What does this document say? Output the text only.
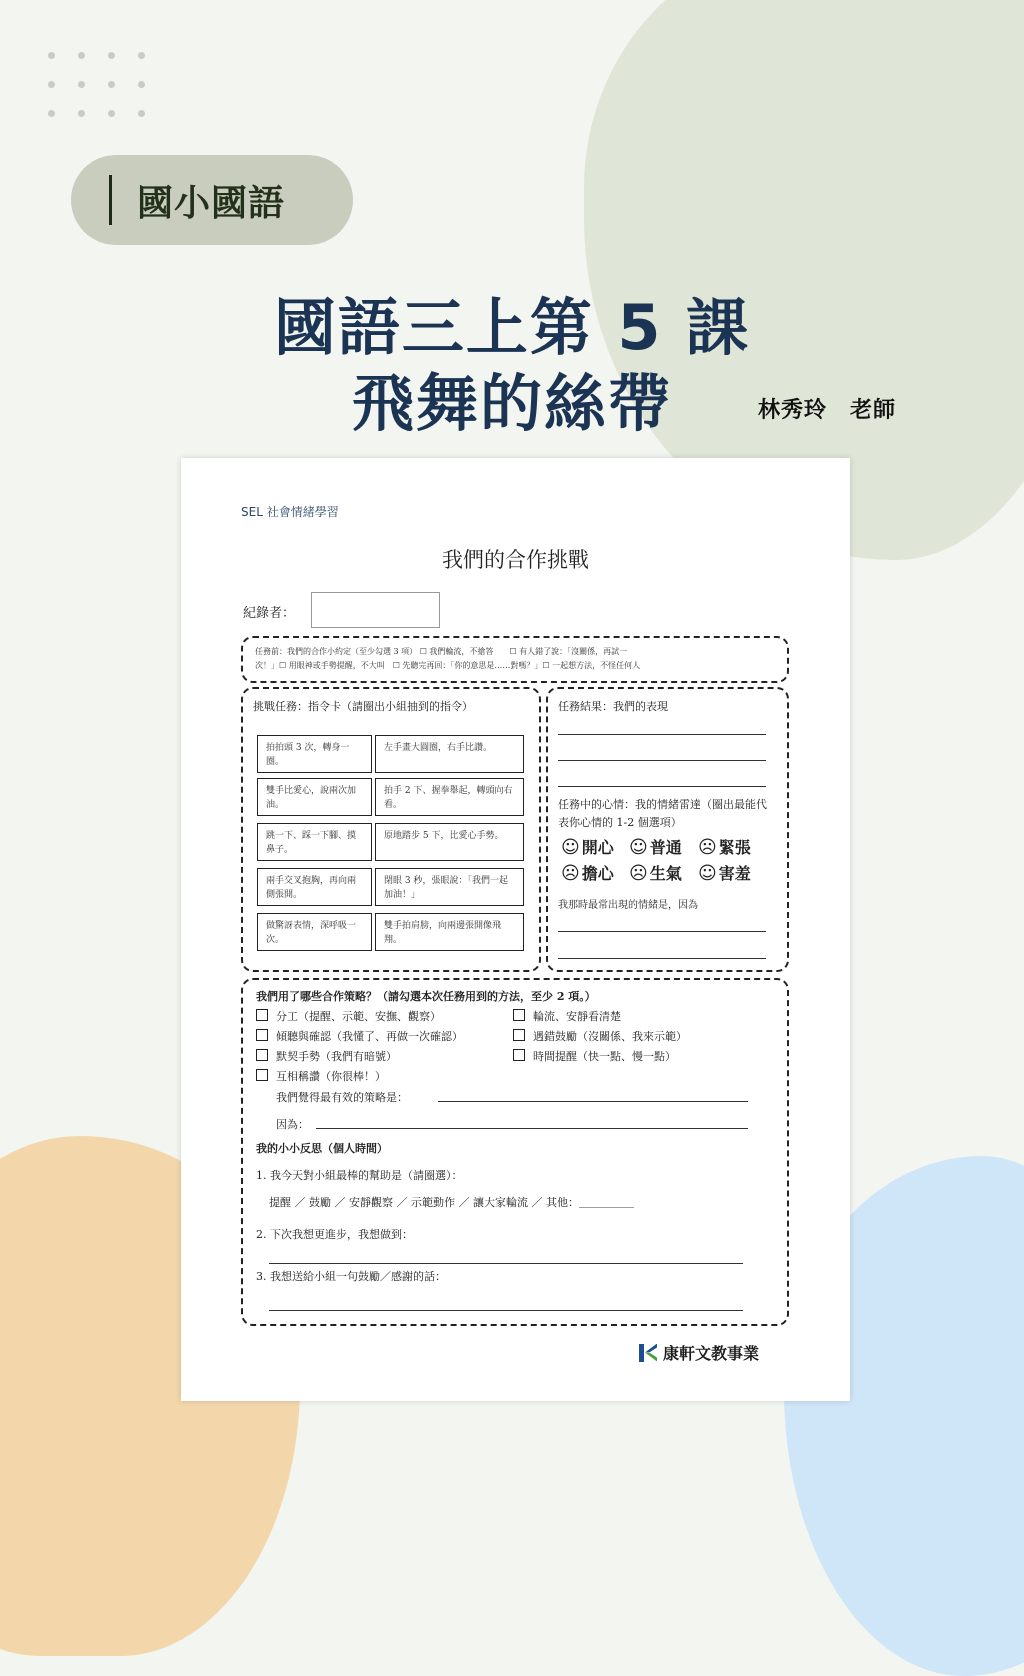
國小國語
國語三上第 5 課
飛舞的絲帶	林秀玲　老師
SEL 社會情緒學習
我們的合作挑戰
紀錄者：
任務前：我們的合作小約定（至少勾選 3 項） ☐ 我們輪流，不搶答　　☐ 有人錯了說：「沒關係，再試一
次！」☐ 用眼神或手勢提醒，不大叫　☐ 先聽完再回：「你的意思是……對嗎？」☐ 一起想方法，不怪任何人
挑戰任務：指令卡（請圈出小組抽到的指令）
拍拍頭 3 次，轉身一圈。
左手畫大圓圈，右手比讚。
雙手比愛心，說兩次加油。
拍手 2 下、握拳舉起，轉頭向右看。
跳一下、踩一下腳、摸鼻子。
原地踏步 5 下，比愛心手勢。
兩手交叉抱胸，再向兩側張開。
閉眼 3 秒，張眼說：「我們一起加油！」
做驚訝表情，深呼吸一次。
雙手拍肩膀，向兩邊張開像飛翔。
任務結果：我們的表現
任務中的心情：我的情緒雷達（圈出最能代表你心情的 1-2 個選項）
☺ 開心 ☺ 普通 ☹ 緊張
☹ 擔心 ☹ 生氣 ☺ 害羞
我那時最常出現的情緒是，因為
我們用了哪些合作策略？（請勾選本次任務用到的方法，至少 2 項。）
分工（提醒、示範、安撫、觀察）
傾聽與確認（我懂了、再做一次確認）
默契手勢（我們有暗號）
互相稱讚（你很棒！）
輪流、安靜看清楚
遇錯鼓勵（沒關係、我來示範）
時間提醒（快一點、慢一點）
我們覺得最有效的策略是：
因為：
我的小小反思（個人時間）
1. 我今天對小組最棒的幫助是（請圈選）：
提醒 ／ 鼓勵 ／ 安靜觀察 ／ 示範動作 ／ 讓大家輪流 ／ 其他：＿＿＿＿＿
2. 下次我想更進步，我想做到：
3. 我想送給小組一句鼓勵／感謝的話：
康軒文教事業
